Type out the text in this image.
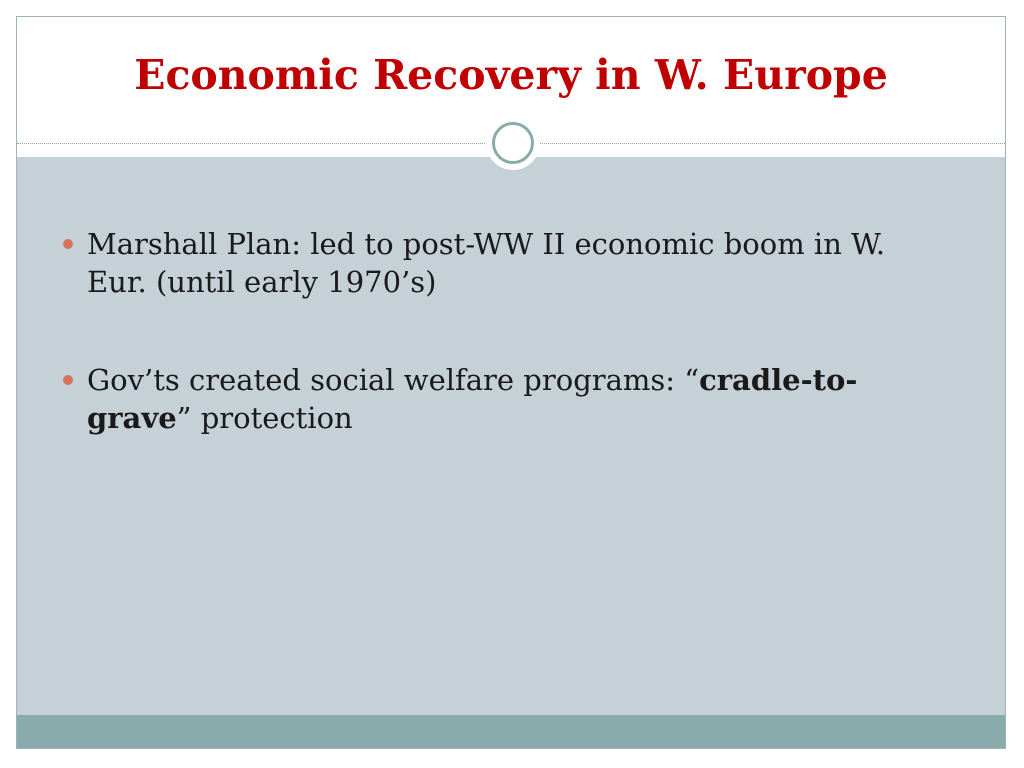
Economic Recovery in W. Europe
Marshall Plan: led to post-WW II economic boom in W. Eur. (until early 1970’s)
Gov’ts created social welfare programs: “cradle-to-grave” protection
